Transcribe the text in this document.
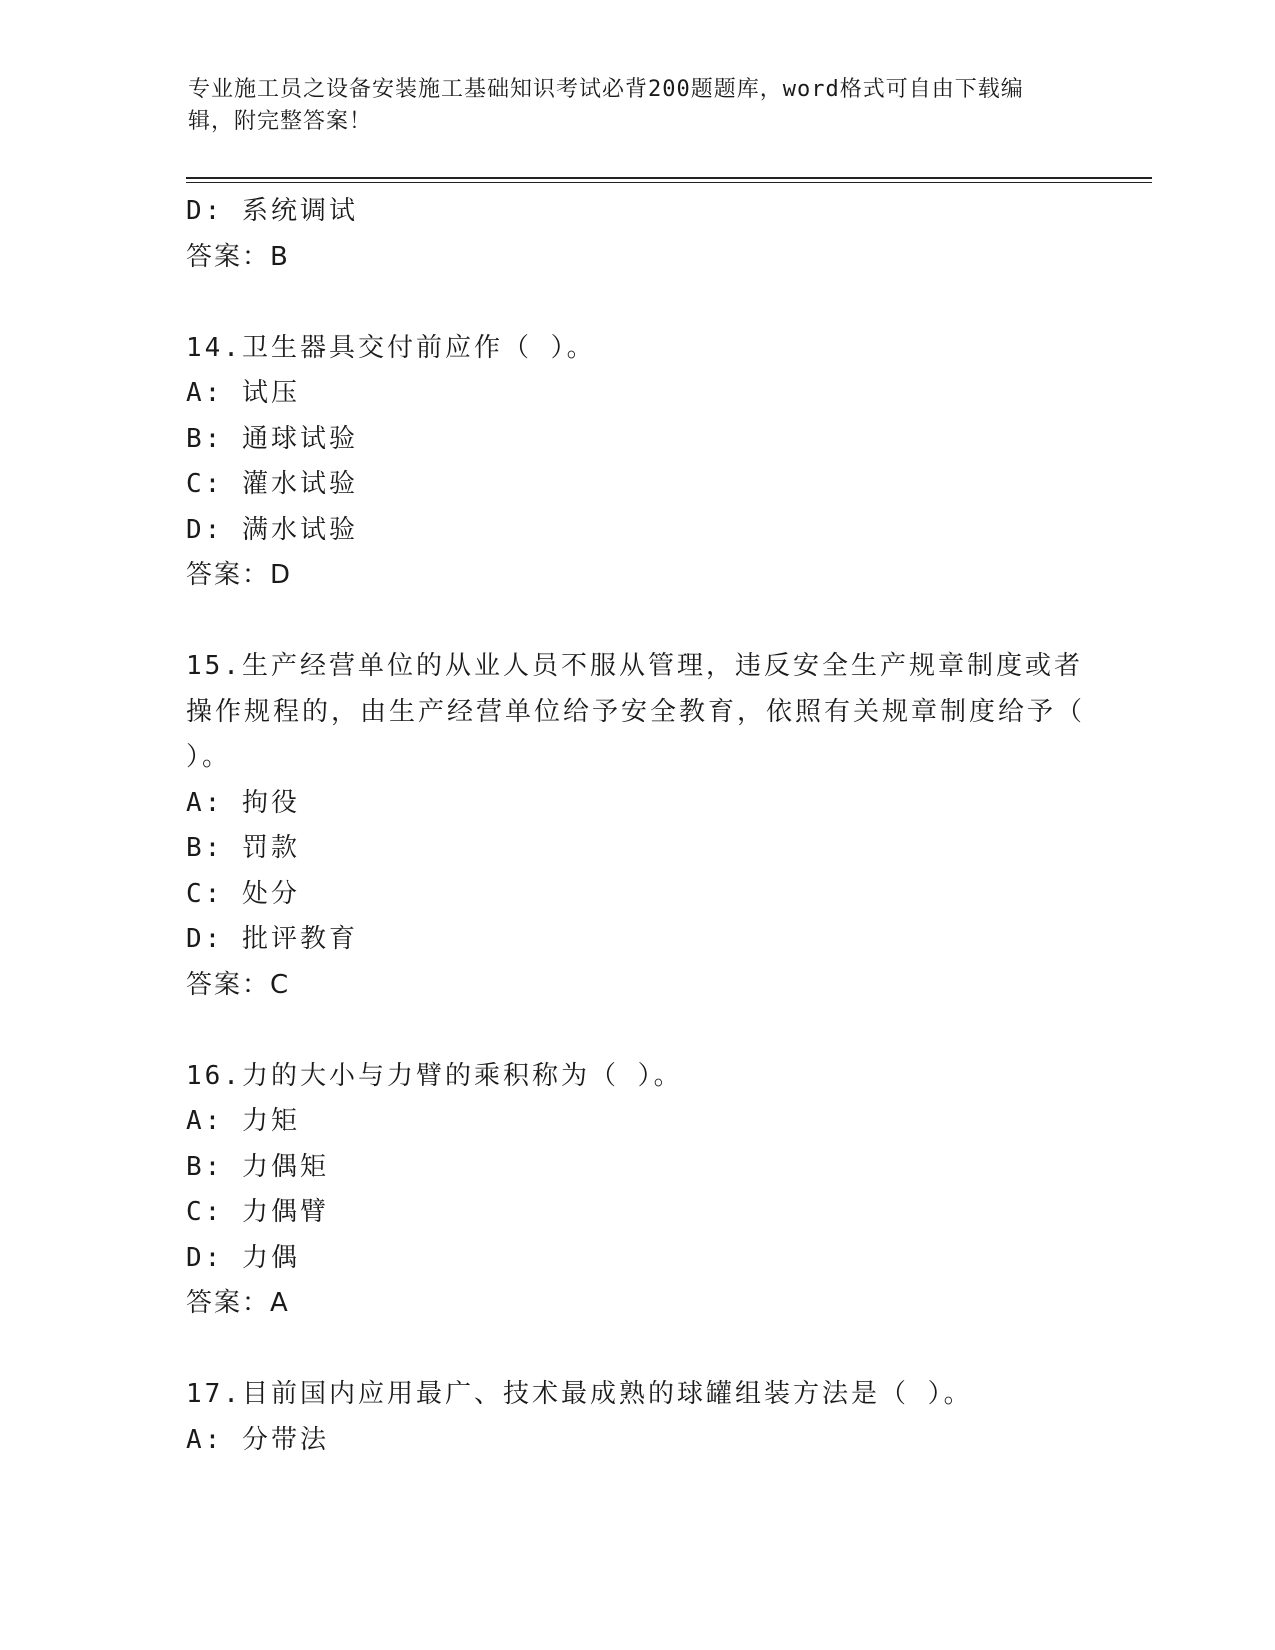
专业施工员之设备安装施工基础知识考试必背200题题库，word格式可自由下载编辑，附完整答案！
D: 系统调试
答案：B
14.卫生器具交付前应作（ ）。
A: 试压
B: 通球试验
C: 灌水试验
D: 满水试验
答案：D
15.生产经营单位的从业人员不服从管理，违反安全生产规章制度或者操作规程的，由生产经营单位给予安全教育，依照有关规章制度给予（ ）。
A: 拘役
B: 罚款
C: 处分
D: 批评教育
答案：C
16.力的大小与力臂的乘积称为（ ）。
A: 力矩
B: 力偶矩
C: 力偶臂
D: 力偶
答案：A
17.目前国内应用最广、技术最成熟的球罐组装方法是（ ）。
A: 分带法
